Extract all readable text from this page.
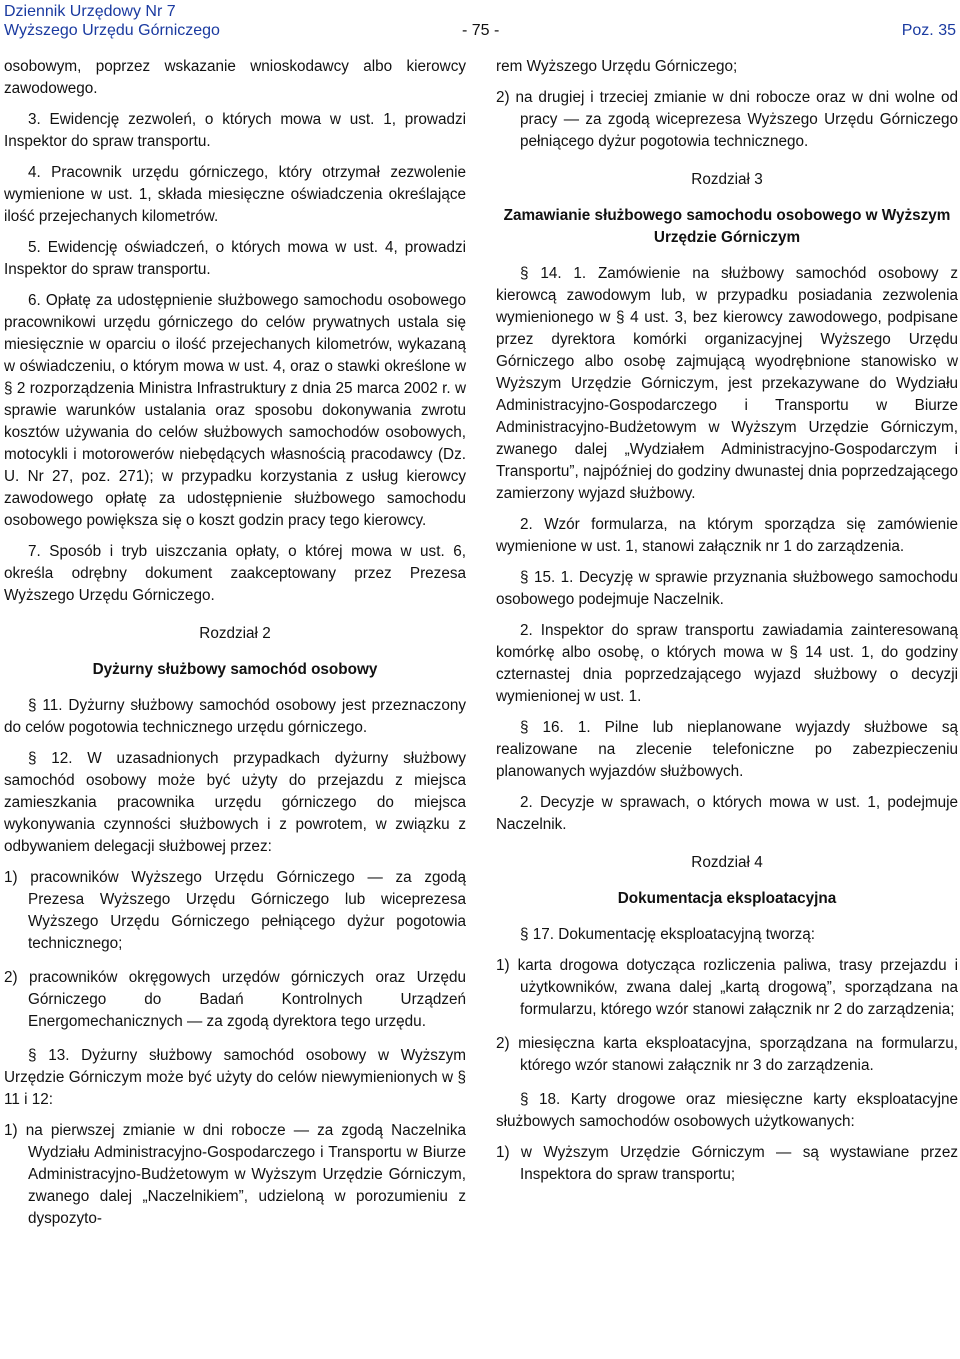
Dziennik Urzędowy Nr 7
Wyższego Urzędu Górniczego	- 75 -	Poz. 35

osobowym, poprzez wskazanie wnioskodawcy albo kierowcy zawodowego.

3. Ewidencję zezwoleń, o których mowa w ust. 1, prowadzi Inspektor do spraw transportu.

4. Pracownik urzędu górniczego, który otrzymał zezwolenie wymienione w ust. 1, składa miesięczne oświadczenia określające ilość przejechanych kilometrów.

5. Ewidencję oświadczeń, o których mowa w ust. 4, prowadzi Inspektor do spraw transportu.

6. Opłatę za udostępnienie służbowego samochodu osobowego pracownikowi urzędu górniczego do celów prywatnych ustala się miesięcznie w oparciu o ilość przejechanych kilometrów, wykazaną w oświadczeniu, o którym mowa w ust. 4, oraz o stawki określone w § 2 rozporządzenia Ministra Infrastruktury z dnia 25 marca 2002 r. w sprawie warunków ustalania oraz sposobu dokonywania zwrotu kosztów używania do celów służbowych samochodów osobowych, motocykli i motorowerów niebędących własnością pracodawcy (Dz. U. Nr 27, poz. 271); w przypadku korzystania z usług kierowcy zawodowego opłatę za udostępnienie służbowego samochodu osobowego powiększa się o koszt godzin pracy tego kierowcy.

7. Sposób i tryb uiszczania opłaty, o której mowa w ust. 6, określa odrębny dokument zaakceptowany przez Prezesa Wyższego Urzędu Górniczego.

Rozdział 2
Dyżurny służbowy samochód osobowy

§ 11. Dyżurny służbowy samochód osobowy jest przeznaczony do celów pogotowia technicznego urzędu górniczego.

§ 12. W uzasadnionych przypadkach dyżurny służbowy samochód osobowy może być użyty do przejazdu z miejsca zamieszkania pracownika urzędu górniczego do miejsca wykonywania czynności służbowych i z powrotem, w związku z odbywaniem delegacji służbowej przez:

1) pracowników Wyższego Urzędu Górniczego — za zgodą Prezesa Wyższego Urzędu Górniczego lub wiceprezesa Wyższego Urzędu Górniczego pełniącego dyżur pogotowia technicznego;

2) pracowników okręgowych urzędów górniczych oraz Urzędu Górniczego do Badań Kontrolnych Urządzeń Energomechanicznych — za zgodą dyrektora tego urzędu.

§ 13. Dyżurny służbowy samochód osobowy w Wyższym Urzędzie Górniczym może być użyty do celów niewymienionych w § 11 i 12:

1) na pierwszej zmianie w dni robocze — za zgodą Naczelnika Wydziału Administracyjno-Gospodarczego i Transportu w Biurze Administracyjno-Budżetowym w Wyższym Urzędzie Górniczym, zwanego dalej „Naczelnikiem”, udzieloną w porozumieniu z dyspozyto-

rem Wyższego Urzędu Górniczego;

2) na drugiej i trzeciej zmianie w dni robocze oraz w dni wolne od pracy — za zgodą wiceprezesa Wyższego Urzędu Górniczego pełniącego dyżur pogotowia technicznego.

Rozdział 3
Zamawianie służbowego samochodu osobowego w Wyższym Urzędzie Górniczym

§ 14. 1. Zamówienie na służbowy samochód osobowy z kierowcą zawodowym lub, w przypadku posiadania zezwolenia wymienionego w § 4 ust. 3, bez kierowcy zawodowego, podpisane przez dyrektora komórki organizacyjnej Wyższego Urzędu Górniczego albo osobę zajmującą wyodrębnione stanowisko w Wyższym Urzędzie Górniczym, jest przekazywane do Wydziału Administracyjno-Gospodarczego i Transportu w Biurze Administracyjno-Budżetowym w Wyższym Urzędzie Górniczym, zwanego dalej „Wydziałem Administracyjno-Gospodarczym i Transportu”, najpóźniej do godziny dwunastej dnia poprzedzającego zamierzony wyjazd służbowy.

2. Wzór formularza, na którym sporządza się zamówienie wymienione w ust. 1, stanowi załącznik nr 1 do zarządzenia.

§ 15. 1. Decyzję w sprawie przyznania służbowego samochodu osobowego podejmuje Naczelnik.

2. Inspektor do spraw transportu zawiadamia zainteresowaną komórkę albo osobę, o których mowa w § 14 ust. 1, do godziny czternastej dnia poprzedzającego wyjazd służbowy o decyzji wymienionej w ust. 1.

§ 16. 1. Pilne lub nieplanowane wyjazdy służbowe są realizowane na zlecenie telefoniczne po zabezpieczeniu planowanych wyjazdów służbowych.

2. Decyzje w sprawach, o których mowa w ust. 1, podejmuje Naczelnik.

Rozdział 4
Dokumentacja eksploatacyjna

§ 17. Dokumentację eksploatacyjną tworzą:

1) karta drogowa dotycząca rozliczenia paliwa, trasy przejazdu i użytkowników, zwana dalej „kartą drogową”, sporządzana na formularzu, którego wzór stanowi załącznik nr 2 do zarządzenia;

2) miesięczna karta eksploatacyjna, sporządzana na formularzu, którego wzór stanowi załącznik nr 3 do zarządzenia.

§ 18. Karty drogowe oraz miesięczne karty eksploatacyjne służbowych samochodów osobowych użytkowanych:

1) w Wyższym Urzędzie Górniczym — są wystawiane przez Inspektora do spraw transportu;
